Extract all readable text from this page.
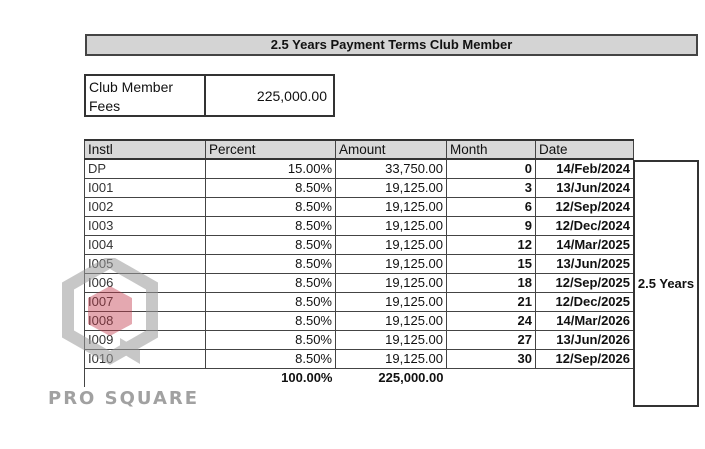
2.5 Years Payment Terms Club Member
Club Member Fees
225,000.00
Instl	Percent	Amount	Month	Date
DP	15.00%	33,750.00	0	14/Feb/2024
I001	8.50%	19,125.00	3	13/Jun/2024
I002	8.50%	19,125.00	6	12/Sep/2024
I003	8.50%	19,125.00	9	12/Dec/2024
I004	8.50%	19,125.00	12	14/Mar/2025
I005	8.50%	19,125.00	15	13/Jun/2025
I006	8.50%	19,125.00	18	12/Sep/2025
I007	8.50%	19,125.00	21	12/Dec/2025
I008	8.50%	19,125.00	24	14/Mar/2026
I009	8.50%	19,125.00	27	13/Jun/2026
I010	8.50%	19,125.00	30	12/Sep/2026
	100.00%	225,000.00		
2.5 Years
PRO SQUARE
